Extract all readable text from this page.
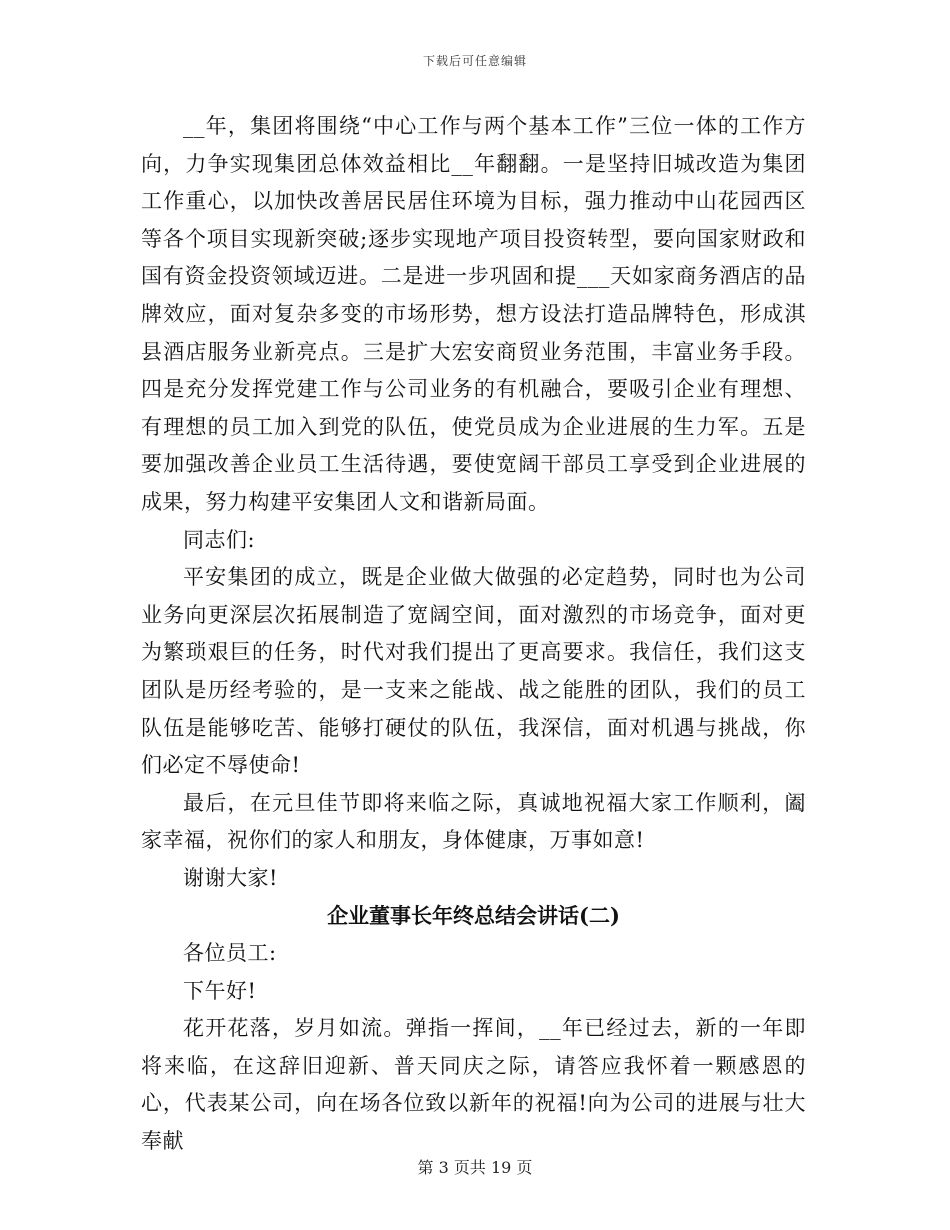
下载后可任意编辑

__年，集团将围绕“中心工作与两个基本工作”三位一体的工作方向，力争实现集团总体效益相比__年翻翻。一是坚持旧城改造为集团工作重心，以加快改善居民居住环境为目标，强力推动中山花园西区等各个项目实现新突破;逐步实现地产项目投资转型，要向国家财政和国有资金投资领域迈进。二是进一步巩固和提___天如家商务酒店的品牌效应，面对复杂多变的市场形势，想方设法打造品牌特色，形成淇县酒店服务业新亮点。三是扩大宏安商贸业务范围，丰富业务手段。四是充分发挥党建工作与公司业务的有机融合，要吸引企业有理想、有理想的员工加入到党的队伍，使党员成为企业进展的生力军。五是要加强改善企业员工生活待遇，要使宽阔干部员工享受到企业进展的成果，努力构建平安集团人文和谐新局面。

同志们:

平安集团的成立，既是企业做大做强的必定趋势，同时也为公司业务向更深层次拓展制造了宽阔空间，面对激烈的市场竞争，面对更为繁琐艰巨的任务，时代对我们提出了更高要求。我信任，我们这支团队是历经考验的，是一支来之能战、战之能胜的团队，我们的员工队伍是能够吃苦、能够打硬仗的队伍，我深信，面对机遇与挑战，你们必定不辱使命!

最后，在元旦佳节即将来临之际，真诚地祝福大家工作顺利，阖家幸福，祝你们的家人和朋友，身体健康，万事如意!

谢谢大家!

企业董事长年终总结会讲话(二)

各位员工:

下午好!

花开花落，岁月如流。弹指一挥间，__年已经过去，新的一年即将来临，在这辞旧迎新、普天同庆之际，请答应我怀着一颗感恩的心，代表某公司，向在场各位致以新年的祝福!向为公司的进展与壮大奉献

第 3 页共 19 页
